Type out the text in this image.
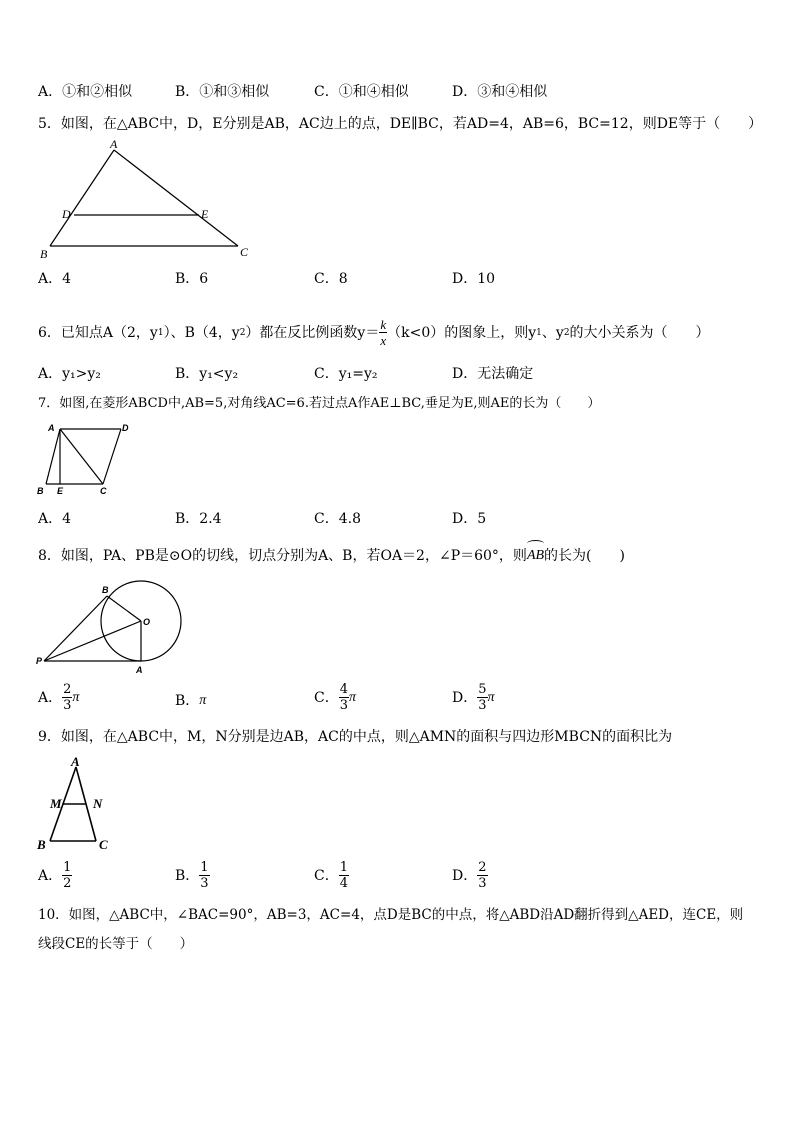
A．①和②相似	B．①和③相似	C．①和④相似	D．③和④相似
5．如图，在△ABC中，D，E分别是AB，AC边上的点，DE∥BC，若AD=4，AB=6，BC=12，则DE等于（　　）
A
B	C
D	E
A．4	B．6	C．8	D．10
6．已知点A（2，y 1 ）、B（4，y 2 ）都在反比例函数$y= \frac{k}{x} (k<0)$的图象上，则y 1 、y 2 的大小关系为（　　）
A．y₁>y₂	B．y₁<y₂	C．y₁=y₂	D．无法确定
7．如图,在菱形ABCD中,AB=5,对角线AC=6.若过点A作AE⊥BC,垂足为E,则AE的长为（　　）
A	D
B E	C
A．4	B．2.4	C．4.8	D．5
8．如图，PA、PB是⊙O的切线，切点分别为A、B，若OA＝2，∠P＝60°，则 AB 的长为(　　)
B
O
P
A
A． $\frac{2}{3}$ π	B． π	C． $\frac{4}{3}$ π	D． $\frac{5}{3}$ π
9．如图，在△ABC中，M，N分别是边AB，AC的中点，则△AMN的面积与四边形MBCN的面积比为
A
M N
B	C
A． $\frac{1}{2}$	B． $\frac{1}{3}$	C． $\frac{1}{4}$	D． $\frac{2}{3}$
10．如图，△ABC中，∠BAC=90°，AB=3，AC=4，点D是BC的中点，将△ABD沿AD翻折得到△AED，连CE，则
线段CE的长等于（　　）
